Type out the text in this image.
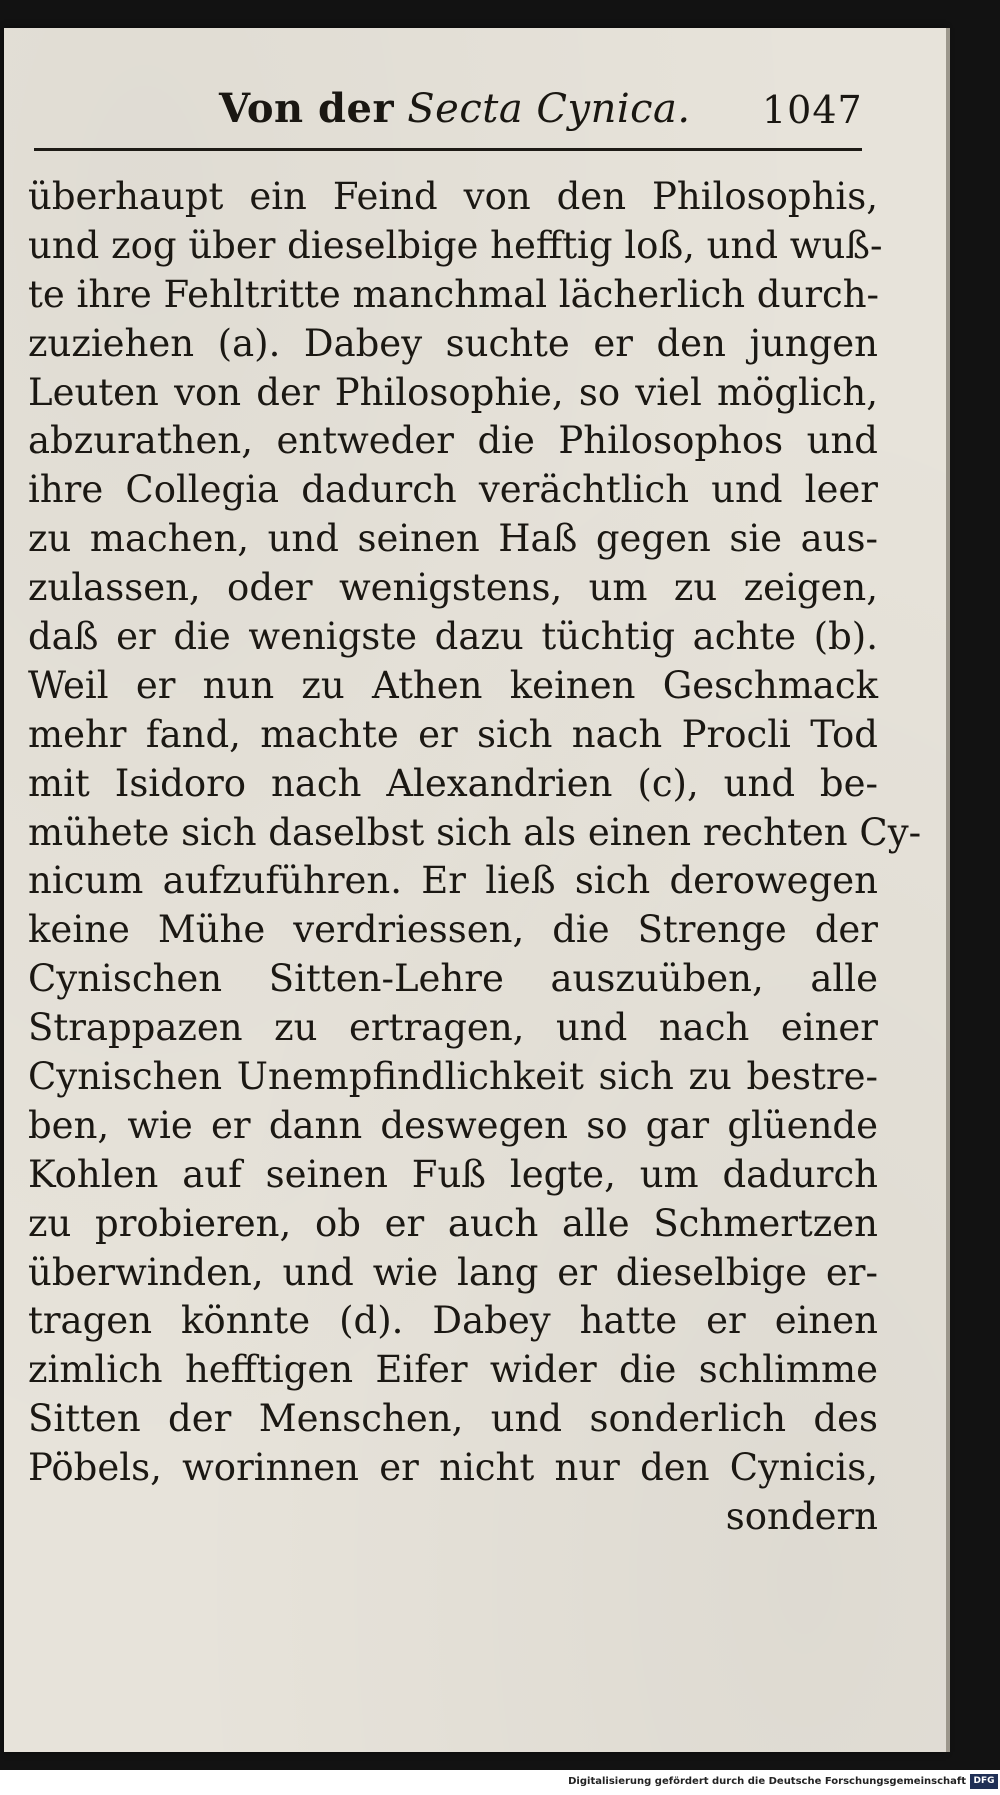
Von der Secta Cynica. 1047
überhaupt ein Feind von den Philosophis,
und zog über dieselbige hefftig loß, und wuß-
te ihre Fehltritte manchmal lächerlich durch-
zuziehen (a). Dabey suchte er den jungen
Leuten von der Philosophie, so viel möglich,
abzurathen, entweder die Philosophos und
ihre Collegia dadurch verächtlich und leer
zu machen, und seinen Haß gegen sie aus-
zulassen, oder wenigstens, um zu zeigen,
daß er die wenigste dazu tüchtig achte (b).
Weil er nun zu Athen keinen Geschmack
mehr fand, machte er sich nach Procli Tod
mit Isidoro nach Alexandrien (c), und be-
mühete sich daselbst sich als einen rechten Cy-
nicum aufzuführen. Er ließ sich derowegen
keine Mühe verdriessen, die Strenge der
Cynischen Sitten-Lehre auszuüben, alle
Strappazen zu ertragen, und nach einer
Cynischen Unempfindlichkeit sich zu bestre-
ben, wie er dann deswegen so gar glüende
Kohlen auf seinen Fuß legte, um dadurch
zu probieren, ob er auch alle Schmertzen
überwinden, und wie lang er dieselbige er-
tragen könnte (d). Dabey hatte er einen
zimlich hefftigen Eifer wider die schlimme
Sitten der Menschen, und sonderlich des
Pöbels, worinnen er nicht nur den Cynicis,
sondern
Digitalisierung gefördert durch die Deutsche Forschungsgemeinschaft DFG
